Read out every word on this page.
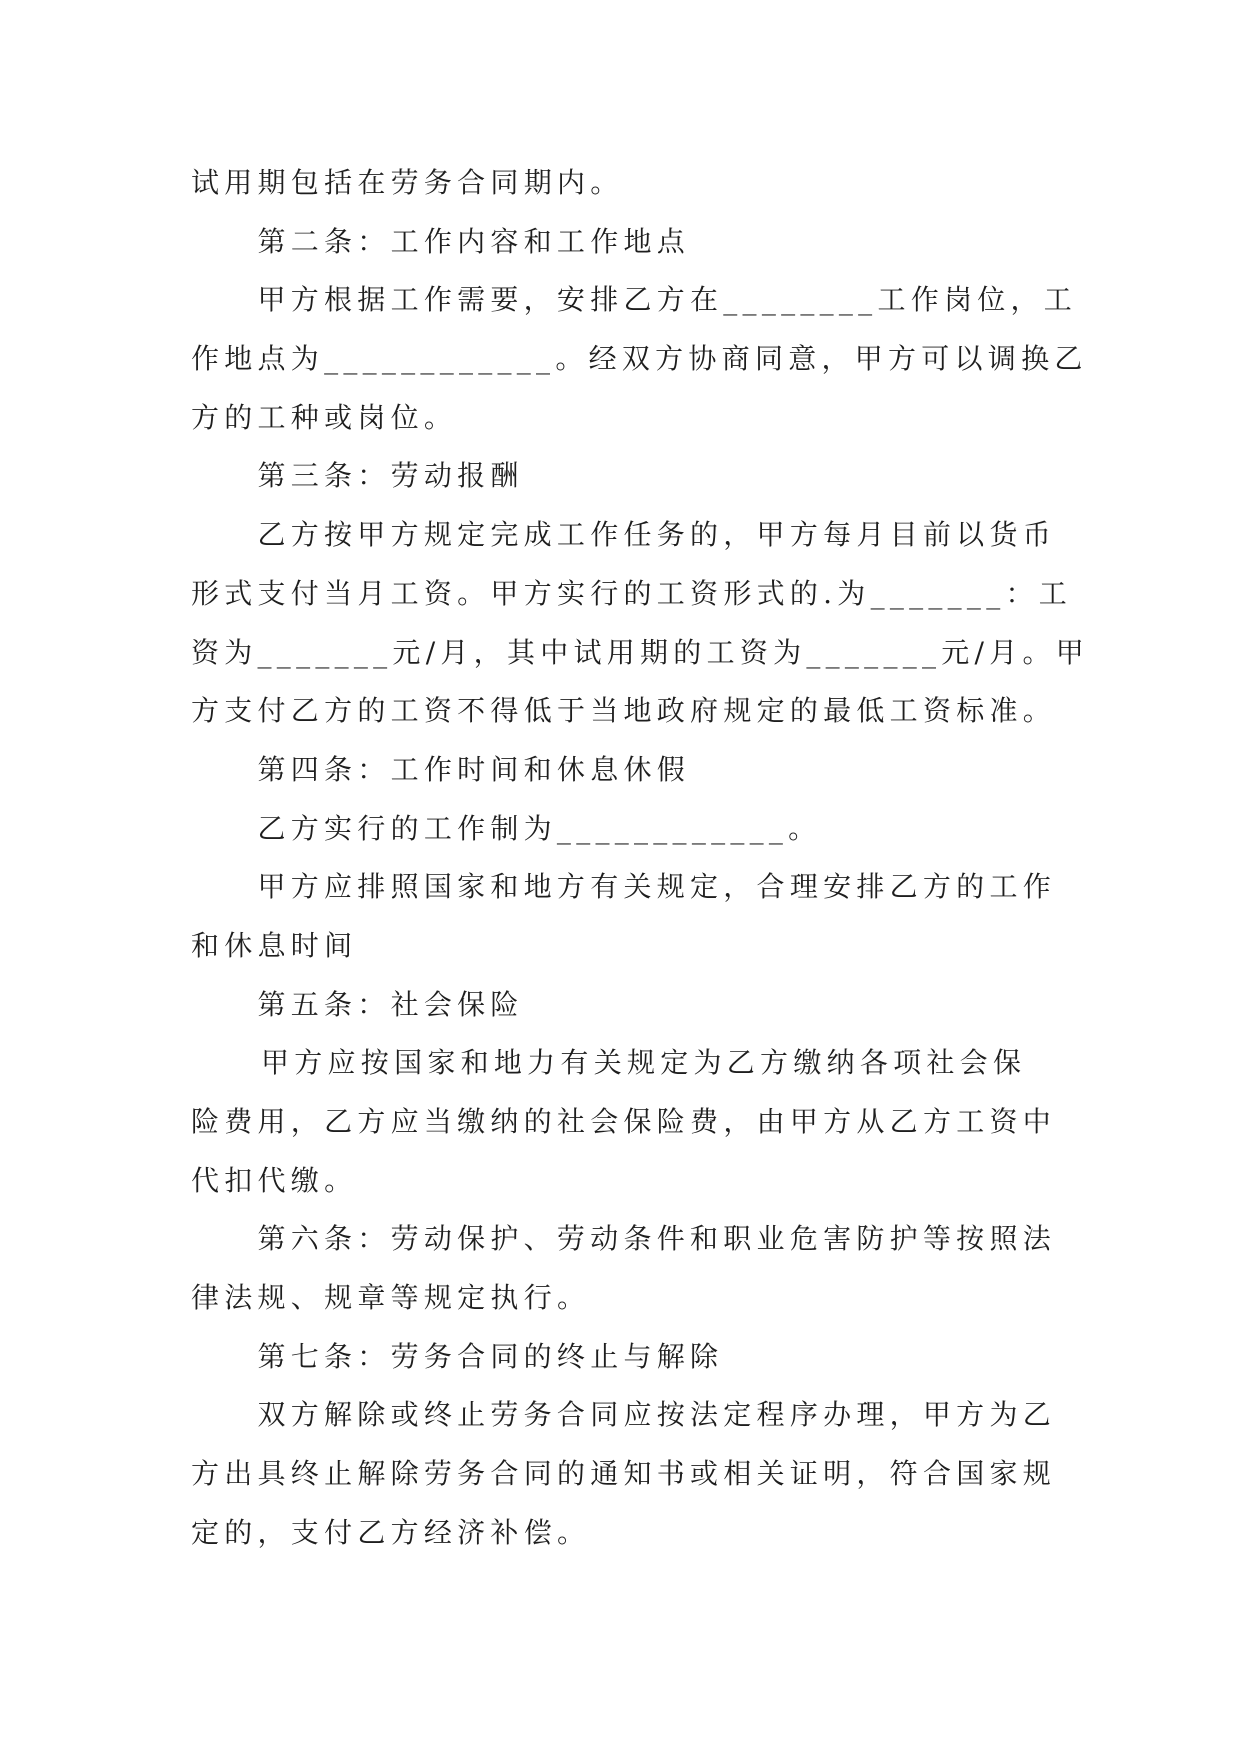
试用期包括在劳务合同期内。
第二条：工作内容和工作地点
甲方根据工作需要，安排乙方在________工作岗位，工
作地点为____________。经双方协商同意，甲方可以调换乙
方的工种或岗位。
第三条：劳动报酬
乙方按甲方规定完成工作任务的，甲方每月目前以货币
形式支付当月工资。甲方实行的工资形式的.为_______：工
资为_______元/月，其中试用期的工资为_______元/月。甲
方支付乙方的工资不得低于当地政府规定的最低工资标准。
第四条：工作时间和休息休假
乙方实行的工作制为____________。
甲方应排照国家和地方有关规定，合理安排乙方的工作
和休息时间
第五条：社会保险
甲方应按国家和地力有关规定为乙方缴纳各项社会保
险费用，乙方应当缴纳的社会保险费，由甲方从乙方工资中
代扣代缴。
第六条：劳动保护、劳动条件和职业危害防护等按照法
律法规、规章等规定执行。
第七条：劳务合同的终止与解除
双方解除或终止劳务合同应按法定程序办理，甲方为乙
方出具终止解除劳务合同的通知书或相关证明，符合国家规
定的，支付乙方经济补偿。
